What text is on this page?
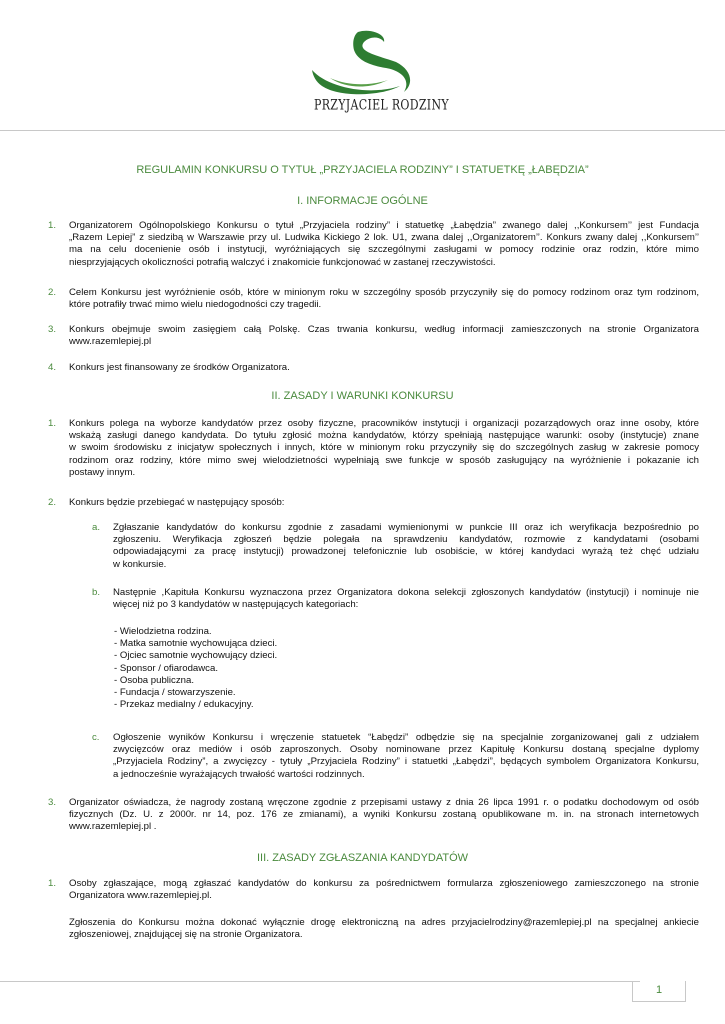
PRZYJACIEL RODZINY
REGULAMIN KONKURSU O TYTUŁ „PRZYJACIELA RODZINY” I STATUETKĘ „ŁABĘDZIA”
I. INFORMACJE OGÓLNE
1. Organizatorem Ogólnopolskiego Konkursu o tytuł „Przyjaciela rodziny” i statuetkę „Łabędzia” zwanego dalej ,,Konkursem’’ jest Fundacja
„Razem Lepiej” z siedzibą w Warszawie przy ul. Ludwika Kickiego 2 lok. U1, zwana dalej ,,Organizatorem’’. Konkurs zwany dalej ,,Konkursem’’
ma na celu docenienie osób i instytucji, wyróżniających się szczególnymi zasługami w pomocy rodzinie oraz rodzin, które mimo
niesprzyjających okoliczności potrafią walczyć i znakomicie funkcjonować w zastanej rzeczywistości.
2. Celem Konkursu jest wyróżnienie osób, które w minionym roku w szczególny sposób przyczyniły się do pomocy rodzinom oraz tym rodzinom,
które potrafiły trwać mimo wielu niedogodności czy tragedii.
3. Konkurs obejmuje swoim zasięgiem całą Polskę. Czas trwania konkursu, według informacji zamieszczonych na stronie Organizatora
www.razemlepiej.pl
4. Konkurs jest finansowany ze środków Organizatora.
II. ZASADY I WARUNKI KONKURSU
1. Konkurs polega na wyborze kandydatów przez osoby fizyczne, pracowników instytucji i organizacji pozarządowych oraz inne osoby, które
wskażą zasługi danego kandydata. Do tytułu zgłosić można kandydatów, którzy spełniają następujące warunki: osoby (instytucje) znane
w swoim środowisku z inicjatyw społecznych i innych, które w minionym roku przyczyniły się do szczególnych zasług w zakresie pomocy
rodzinom oraz rodziny, które mimo swej wielodzietności wypełniają swe funkcje w sposób zasługujący na wyróżnienie i pokazanie ich
postawy innym.
2. Konkurs będzie przebiegać w następujący sposób:
a. Zgłaszanie kandydatów do konkursu zgodnie z zasadami wymienionymi w punkcie III oraz ich weryfikacja bezpośrednio po
zgłoszeniu. Weryfikacja zgłoszeń będzie polegała na sprawdzeniu kandydatów, rozmowie z kandydatami (osobami
odpowiadającymi za pracę instytucji) prowadzonej telefonicznie lub osobiście, w której kandydaci wyrażą też chęć udziału
w konkursie.
b. Następnie ,Kapituła Konkursu wyznaczona przez Organizatora dokona selekcji zgłoszonych kandydatów (instytucji) i nominuje nie
więcej niż po 3 kandydatów w następujących kategoriach:
- Wielodzietna rodzina.
- Matka samotnie wychowująca dzieci.
- Ojciec samotnie wychowujący dzieci.
- Sponsor / ofiarodawca.
- Osoba publiczna.
- Fundacja / stowarzyszenie.
- Przekaz medialny / edukacyjny.
c. Ogłoszenie wyników Konkursu i wręczenie statuetek “Łabędzi” odbędzie się na specjalnie zorganizowanej gali z udziałem
zwycięzców oraz mediów i osób zaproszonych. Osoby nominowane przez Kapitułę Konkursu dostaną specjalne dyplomy
„Przyjaciela Rodziny”, a zwycięzcy - tytuły „Przyjaciela Rodziny” i statuetki „Łabędzi”, będących symbolem Organizatora Konkursu,
a jednocześnie wyrażających trwałość wartości rodzinnych.
3. Organizator oświadcza, że nagrody zostaną wręczone zgodnie z przepisami ustawy z dnia 26 lipca 1991 r. o podatku dochodowym od osób
fizycznych (Dz. U. z 2000r. nr 14, poz. 176 ze zmianami), a wyniki Konkursu zostaną opublikowane m. in. na stronach internetowych
www.razemlepiej.pl .
III. ZASADY ZGŁASZANIA KANDYDATÓW
1. Osoby zgłaszające, mogą zgłaszać kandydatów do konkursu za pośrednictwem formularza zgłoszeniowego zamieszczonego na stronie
Organizatora www.razemlepiej.pl.
Zgłoszenia do Konkursu można dokonać wyłącznie drogę elektroniczną na adres przyjacielrodziny@razemlepiej.pl na specjalnej ankiecie
zgłoszeniowej, znajdującej się na stronie Organizatora.
1
